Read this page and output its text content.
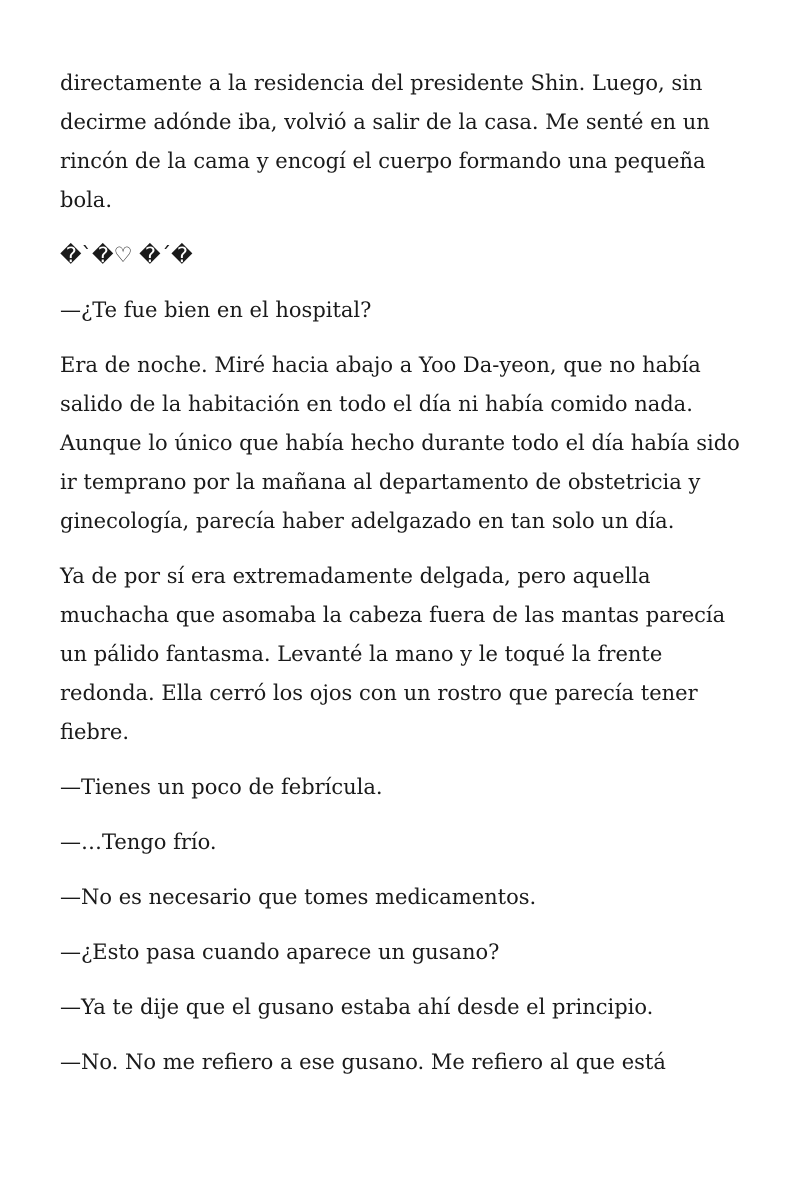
directamente a la residencia del presidente Shin. Luego, sin decirme adónde iba, volvió a salir de la casa. Me senté en un rincón de la cama y encogí el cuerpo formando una pequeña bola.

�`�♡ �´�

—¿Te fue bien en el hospital?

Era de noche. Miré hacia abajo a Yoo Da-yeon, que no había salido de la habitación en todo el día ni había comido nada. Aunque lo único que había hecho durante todo el día había sido ir temprano por la mañana al departamento de obstetricia y ginecología, parecía haber adelgazado en tan solo un día.

Ya de por sí era extremadamente delgada, pero aquella muchacha que asomaba la cabeza fuera de las mantas parecía un pálido fantasma. Levanté la mano y le toqué la frente redonda. Ella cerró los ojos con un rostro que parecía tener fiebre.

—Tienes un poco de febrícula.

—…Tengo frío.

—No es necesario que tomes medicamentos.

—¿Esto pasa cuando aparece un gusano?

—Ya te dije que el gusano estaba ahí desde el principio.

—No. No me refiero a ese gusano. Me refiero al que está
